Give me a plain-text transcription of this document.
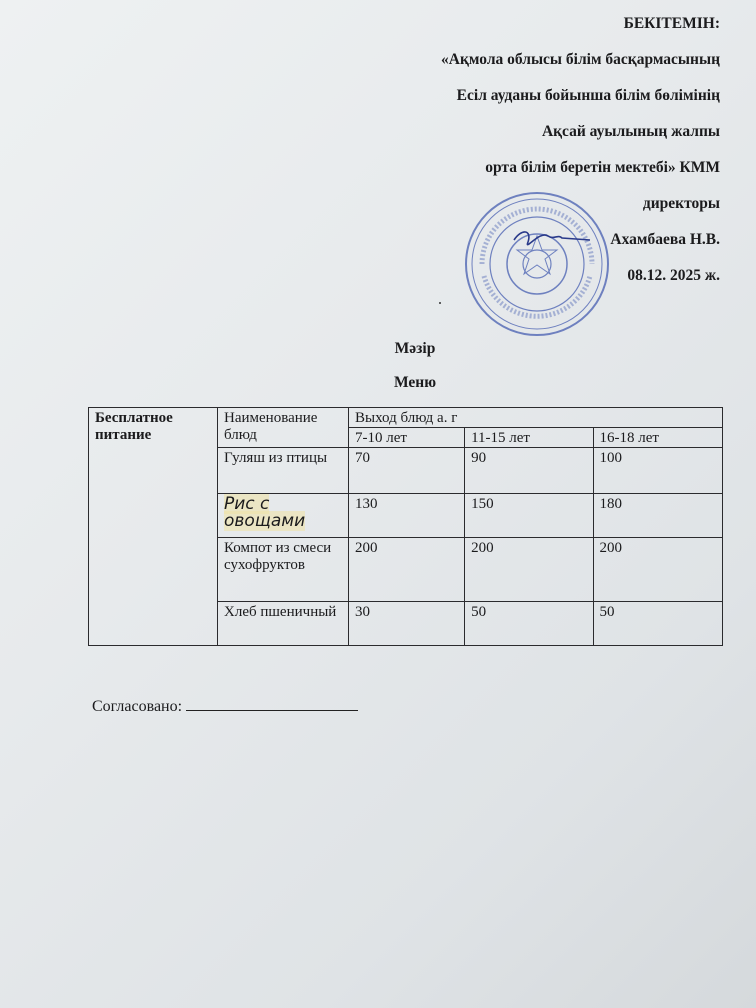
БЕКІТЕМІН:
«Ақмола облысы білім басқармасының
Есіл ауданы бойынша білім бөлімінің
Ақсай ауылының жалпы
орта білім беретін мектебі» КММ
директоры
Ахамбаева Н.В.
08.12. 2025 ж.
Мәзір
Меню
Бесплатное питание	Наименование блюд	Выход блюд а. г		
		7-10 лет	11-15 лет	16-18 лет
	Гуляш из птицы	70	90	100
	Рис с овощами	130	150	180
	Компот из смеси сухофруктов	200	200	200
	Хлеб пшеничный	30	50	50
Согласовано:
